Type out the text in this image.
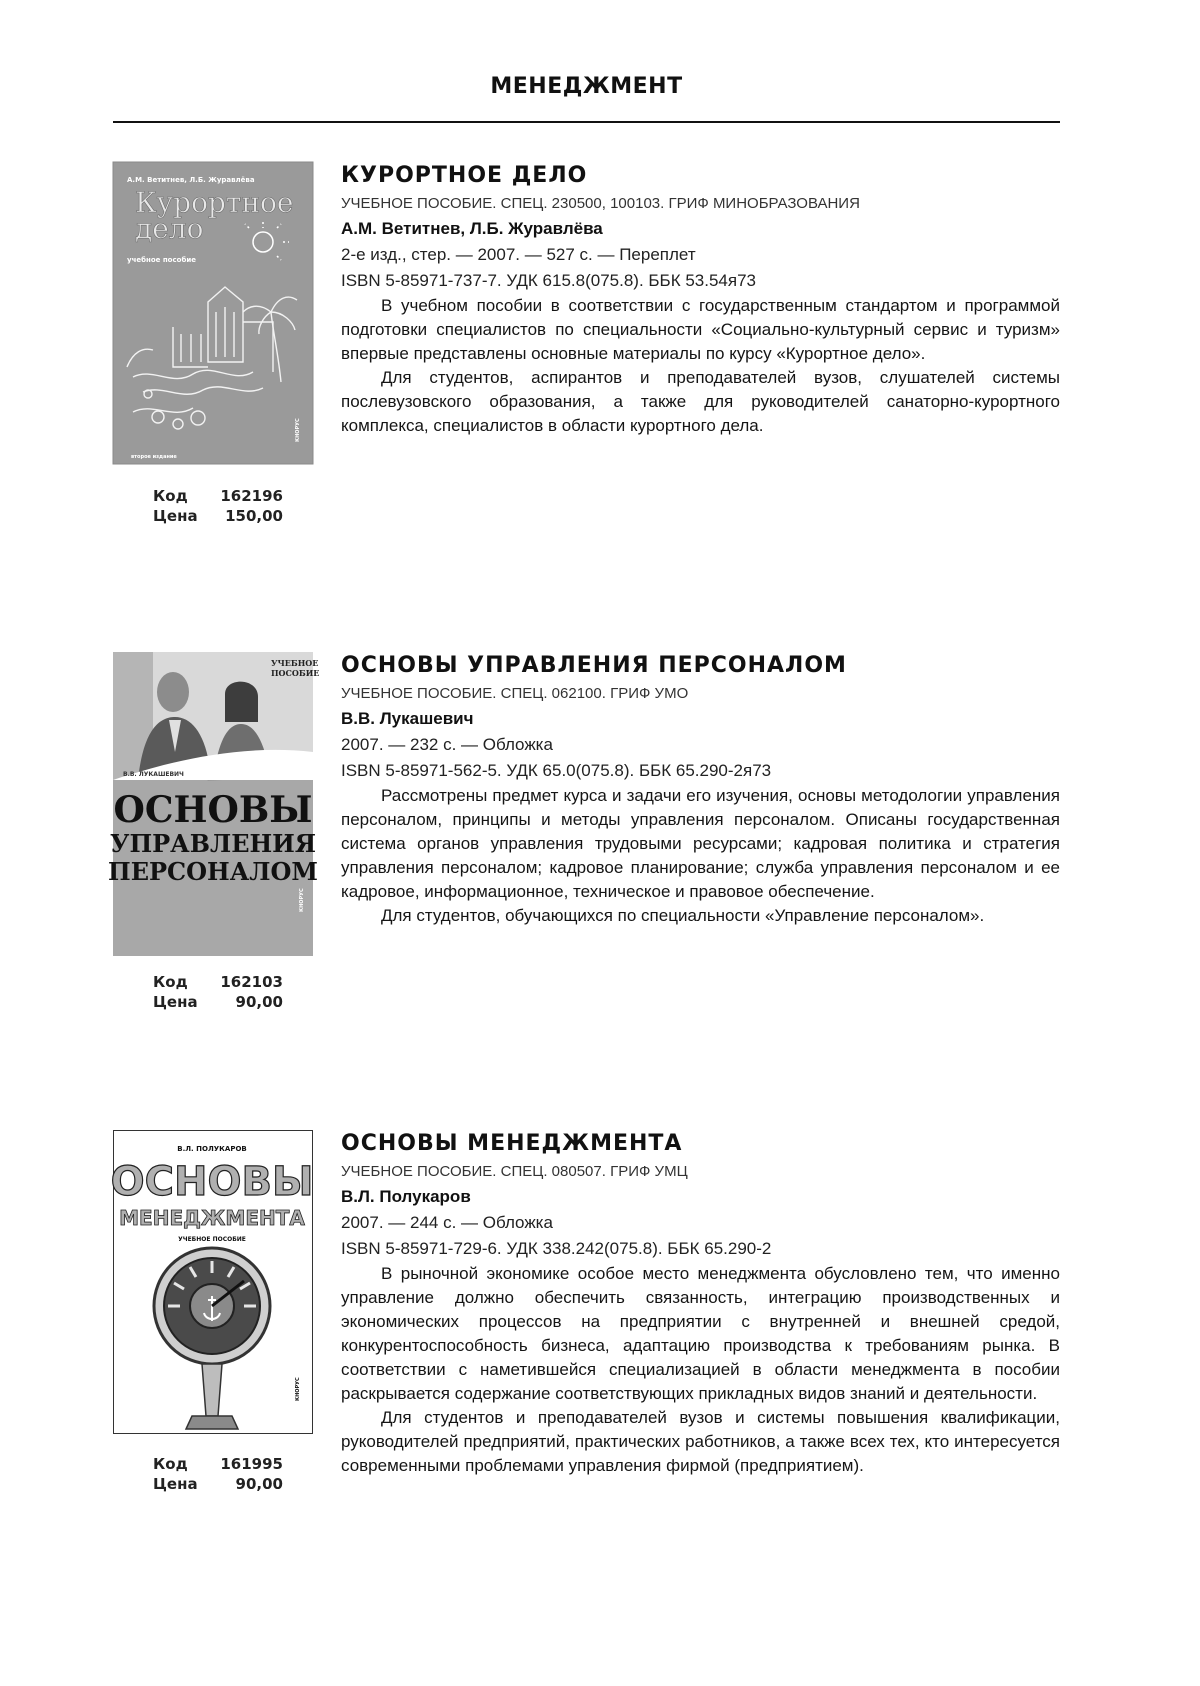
МЕНЕДЖМЕНТ
А.М. Ветитнев, Л.Б. Журавлёва
Курортное
дело
учебное пособие
второе издание
КНОРУС
Код	162196
Цена	150,00
КУРОРТНОЕ ДЕЛО
УЧЕБНОЕ ПОСОБИЕ. СПЕЦ. 230500, 100103. ГРИФ МИНОБРАЗОВАНИЯ
А.М. Ветитнев, Л.Б. Журавлёва
2-е изд., стер. — 2007. — 527 с. — Переплет
ISBN 5-85971-737-7. УДК 615.8(075.8). ББК 53.54я73

В учебном пособии в соответствии с государственным стандартом и программой подготовки специалистов по специальности «Социально-культурный сервис и туризм» впервые представлены основные материалы по курсу «Курортное дело».

Для студентов, аспирантов и преподавателей вузов, слушателей системы послевузовского образования, а также для руководителей санаторно-курортного комплекса, специалистов в области курортного дела.

УЧЕБНОЕ
ПОСОБИЕ
В.В. ЛУКАШЕВИЧ
ОСНОВЫ
УПРАВЛЕНИЯ
ПЕРСОНАЛОМ
КНОРУС
Код	162103
Цена	90,00
ОСНОВЫ УПРАВЛЕНИЯ ПЕРСОНАЛОМ
УЧЕБНОЕ ПОСОБИЕ. СПЕЦ. 062100. ГРИФ УМО
В.В. Лукашевич
2007. — 232 с. — Обложка
ISBN 5-85971-562-5. УДК 65.0(075.8). ББК 65.290-2я73

Рассмотрены предмет курса и задачи его изучения, основы методологии управления персоналом, принципы и методы управления персоналом. Описаны государственная система органов управления трудовыми ресурсами; кадровая политика и стратегия управления персоналом; кадровое планирование; служба управления персоналом и ее кадровое, информационное, техническое и правовое обеспечение.

Для студентов, обучающихся по специальности «Управление персоналом».

В.Л. ПОЛУКАРОВ
ОСНОВЫ
МЕНЕДЖМЕНТА
УЧЕБНОЕ ПОСОБИЕ
КНОРУС
Код	161995
Цена	90,00
ОСНОВЫ МЕНЕДЖМЕНТА
УЧЕБНОЕ ПОСОБИЕ. СПЕЦ. 080507. ГРИФ УМЦ
В.Л. Полукаров
2007. — 244 с. — Обложка
ISBN 5-85971-729-6. УДК 338.242(075.8). ББК 65.290-2

В рыночной экономике особое место менеджмента обусловлено тем, что именно управление должно обеспечить связанность, интеграцию производственных и экономических процессов на предприятии с внутренней и внешней средой, конкурентоспособность бизнеса, адаптацию производства к требованиям рынка. В соответствии с наметившейся специализацией в области менеджмента в пособии раскрывается содержание соответствующих прикладных видов знаний и деятельности.

Для студентов и преподавателей вузов и системы повышения квалификации, руководителей предприятий, практических работников, а также всех тех, кто интересуется современными проблемами управления фирмой (предприятием).
